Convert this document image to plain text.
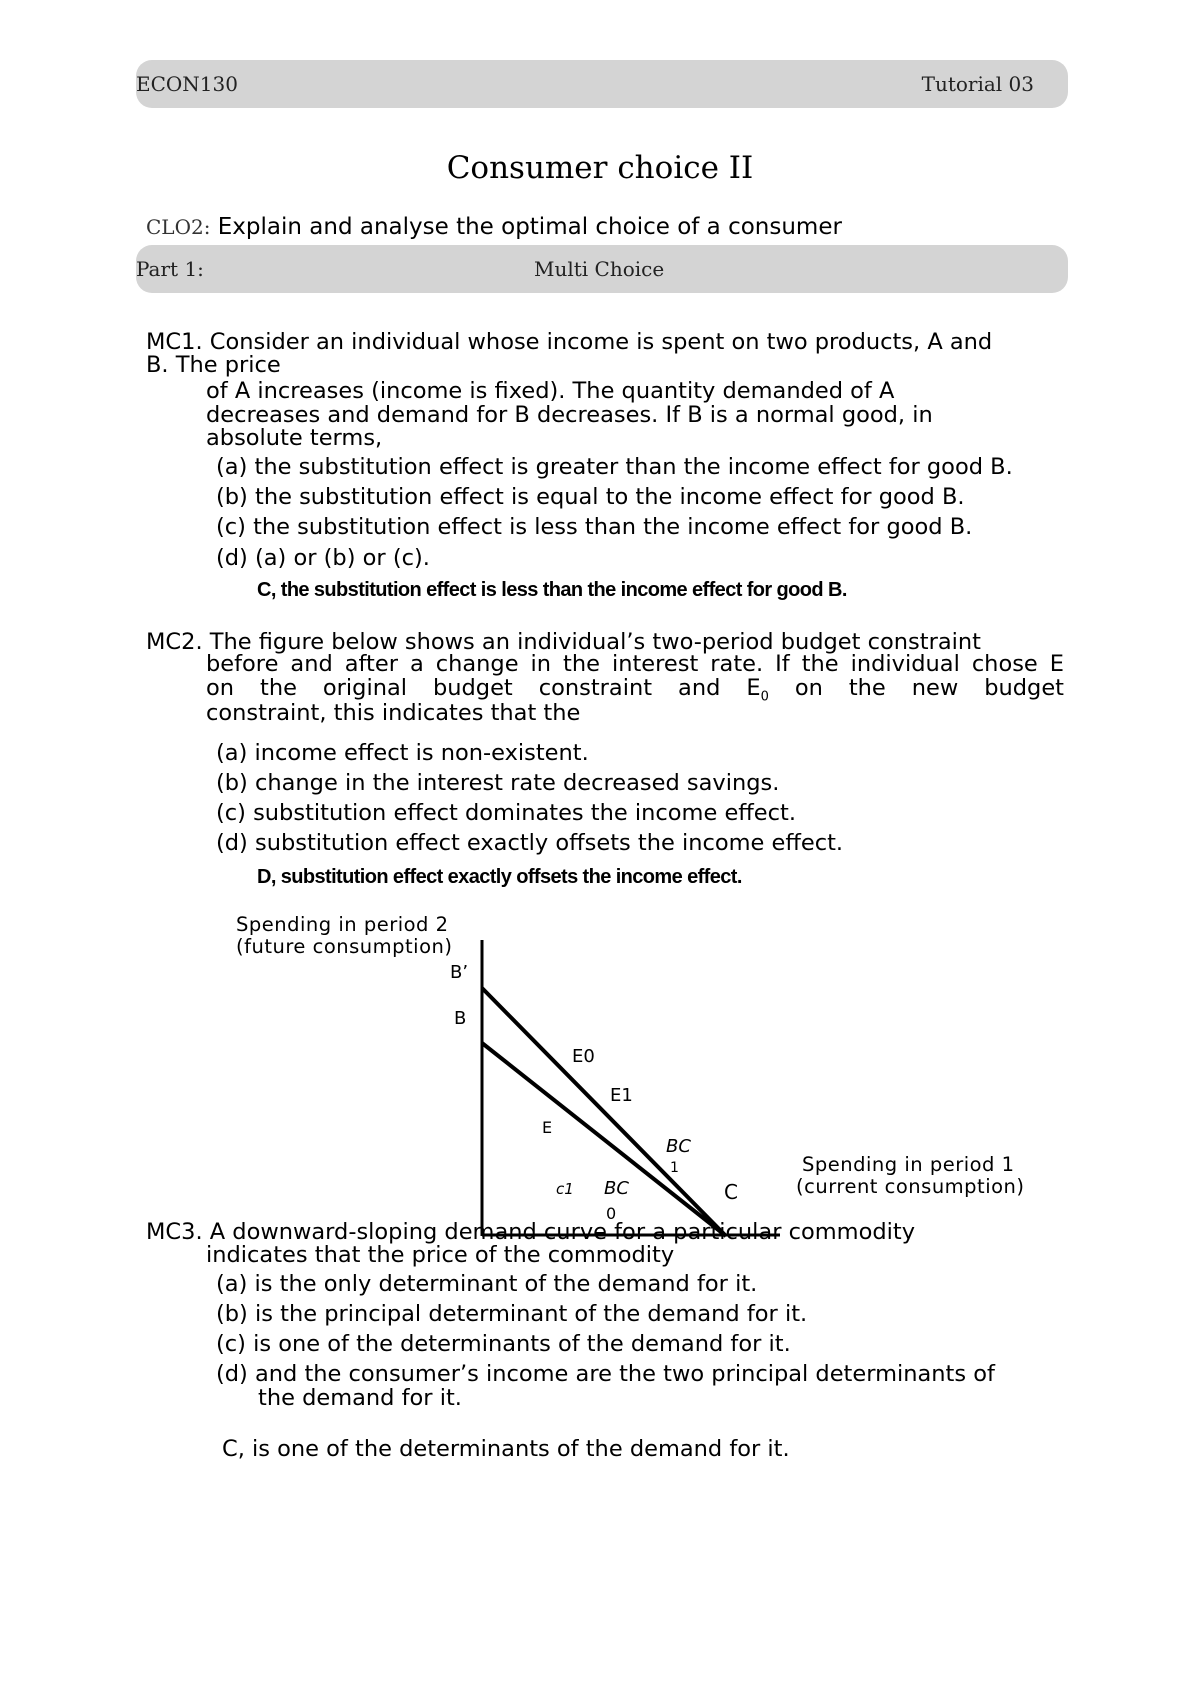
ECON130	Tutorial 03
Consumer choice II
CLO2: Explain and analyse the optimal choice of a consumer
Part 1:	Multi Choice
MC1. Consider an individual whose income is spent on two products, A and
B. The price
of A increases (income is fixed). The quantity demanded of A
decreases and demand for B decreases. If B is a normal good, in
absolute terms,
(a) the substitution effect is greater than the income effect for good B.
(b) the substitution effect is equal to the income effect for good B.
(c) the substitution effect is less than the income effect for good B.
(d) (a) or (b) or (c).
C, the substitution effect is less than the income effect for good B.
MC2. The figure below shows an individual’s two-period budget constraint
before and after a change in the interest rate. If the individual chose E
on the original budget constraint and $E_0$ on the new budget
constraint, this indicates that the
(a) income effect is non-existent.
(b) change in the interest rate decreased savings.
(c) substitution effect dominates the income effect.
(d) substitution effect exactly offsets the income effect.
D, substitution effect exactly offsets the income effect.
Spending in period 2
(future consumption)
B’
B
E0
E1
E
BC
1	Spending in period 1
(current consumption)
c1 BC
0
C
MC3. A downward-sloping demand curve for a particular commodity
indicates that the price of the commodity
(a) is the only determinant of the demand for it.
(b) is the principal determinant of the demand for it.
(c) is one of the determinants of the demand for it.
(d) and the consumer’s income are the two principal determinants of
the demand for it.
C, is one of the determinants of the demand for it.
